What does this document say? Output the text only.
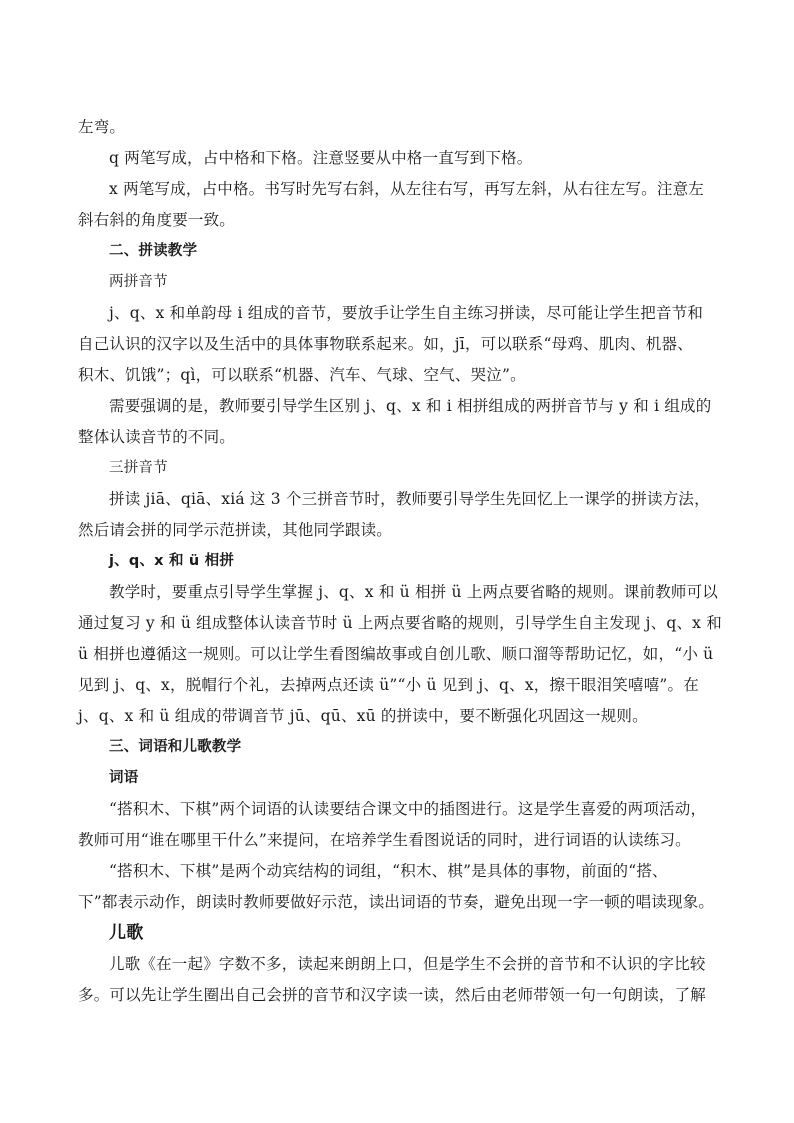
左弯。
q 两笔写成，占中格和下格。注意竖要从中格一直写到下格。
x 两笔写成，占中格。书写时先写右斜，从左往右写，再写左斜，从右往左写。注意左
斜右斜的角度要一致。
二、拼读教学
两拼音节
j、q、x 和单韵母 i 组成的音节，要放手让学生自主练习拼读，尽可能让学生把音节和
自己认识的汉字以及生活中的具体事物联系起来。如，jī，可以联系“母鸡、肌肉、机器、
积木、饥饿”；qì，可以联系“机器、汽车、气球、空气、哭泣”。
需要强调的是，教师要引导学生区别 j、q、x 和 i 相拼组成的两拼音节与 y 和 i 组成的
整体认读音节的不同。
三拼音节
拼读 jiā、qiā、xiá 这 3 个三拼音节时，教师要引导学生先回忆上一课学的拼读方法，
然后请会拼的同学示范拼读，其他同学跟读。
j、q、x 和 ü 相拼
教学时，要重点引导学生掌握 j、q、x 和 ü 相拼 ü 上两点要省略的规则。课前教师可以
通过复习 y 和 ü 组成整体认读音节时 ü 上两点要省略的规则，引导学生自主发现 j、q、x 和
ü 相拼也遵循这一规则。可以让学生看图编故事或自创儿歌、顺口溜等帮助记忆，如，“小 ü
见到 j、q、x，脱帽行个礼，去掉两点还读 ü”“小 ü 见到 j、q、x，擦干眼泪笑嘻嘻”。在
j、q、x 和 ü 组成的带调音节 jū、qū、xū 的拼读中，要不断强化巩固这一规则。
三、词语和儿歌教学
词语
“搭积木、下棋”两个词语的认读要结合课文中的插图进行。这是学生喜爱的两项活动，
教师可用“谁在哪里干什么”来提问，在培养学生看图说话的同时，进行词语的认读练习。
“搭积木、下棋”是两个动宾结构的词组，“积木、棋”是具体的事物，前面的“搭、
下”都表示动作，朗读时教师要做好示范，读出词语的节奏，避免出现一字一顿的唱读现象。
儿歌
儿歌《在一起》字数不多，读起来朗朗上口，但是学生不会拼的音节和不认识的字比较
多。可以先让学生圈出自己会拼的音节和汉字读一读，然后由老师带领一句一句朗读，了解
